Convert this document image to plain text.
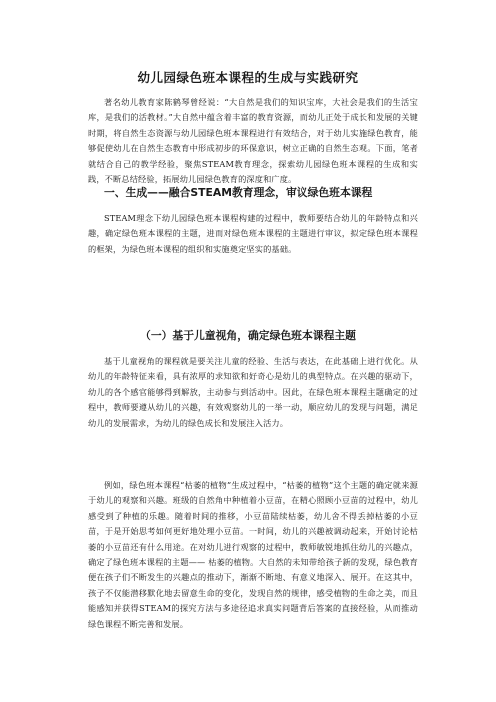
幼儿园绿色班本课程的生成与实践研究

著名幼儿教育家陈鹤琴曾经说：“大自然是我们的知识宝库，大社会是我们的生活宝库，是我们的活教材。”大自然中蕴含着丰富的教育资源，而幼儿正处于成长和发展的关键时期，将自然生态资源与幼儿园绿色班本课程进行有效结合，对于幼儿实施绿色教育，能够促使幼儿在自然生态教育中形成初步的环保意识，树立正确的自然生态观。下面，笔者就结合自己的教学经验，聚焦STEAM教育理念，探索幼儿园绿色班本课程的生成和实践，不断总结经验，拓展幼儿园绿色教育的深度和广度。

一、生成——融合STEAM教育理念，审议绿色班本课程

STEAM理念下幼儿园绿色班本课程构建的过程中，教师要结合幼儿的年龄特点和兴趣，确定绿色班本课程的主题，进而对绿色班本课程的主题进行审议，拟定绿色班本课程的框架，为绿色班本课程的组织和实施奠定坚实的基础。

（一）基于儿童视角，确定绿色班本课程主题

基于儿童视角的课程就是要关注儿童的经验、生活与表达，在此基础上进行优化。从幼儿的年龄特征来看，具有浓厚的求知欲和好奇心是幼儿的典型特点。在兴趣的驱动下，幼儿的各个感官能够得到解放，主动参与到活动中。因此，在绿色班本课程主题确定的过程中，教师要遵从幼儿的兴趣，有效观察幼儿的一举一动，顺应幼儿的发现与问题，满足幼儿的发展需求，为幼儿的绿色成长和发展注入活力。

例如，绿色班本课程“枯萎的植物”生成过程中，“枯萎的植物”这个主题的确定就来源于幼儿的观察和兴趣。班级的自然角中种植着小豆苗，在精心照顾小豆苗的过程中，幼儿感受到了种植的乐趣。随着时间的推移，小豆苗陆续枯萎，幼儿舍不得丢掉枯萎的小豆苗，于是开始思考如何更好地处理小豆苗。一时间，幼儿的兴趣被调动起来，开始讨论枯萎的小豆苗还有什么用途。在对幼儿进行观察的过程中，教师敏锐地抓住幼儿的兴趣点，确定了绿色班本课程的主题—— 枯萎的植物。大自然的未知带给孩子新的发现，绿色教育便在孩子们不断发生的兴趣点的推动下，渐渐不断地、有意义地深入、展开。在这其中，孩子不仅能潜移默化地去留意生命的变化，发现自然的规律，感受植物的生命之美，而且能感知并获得STEAM的探究方法与多途径追求真实问题背后答案的直接经验，从而推动绿色课程不断完善和发展。
